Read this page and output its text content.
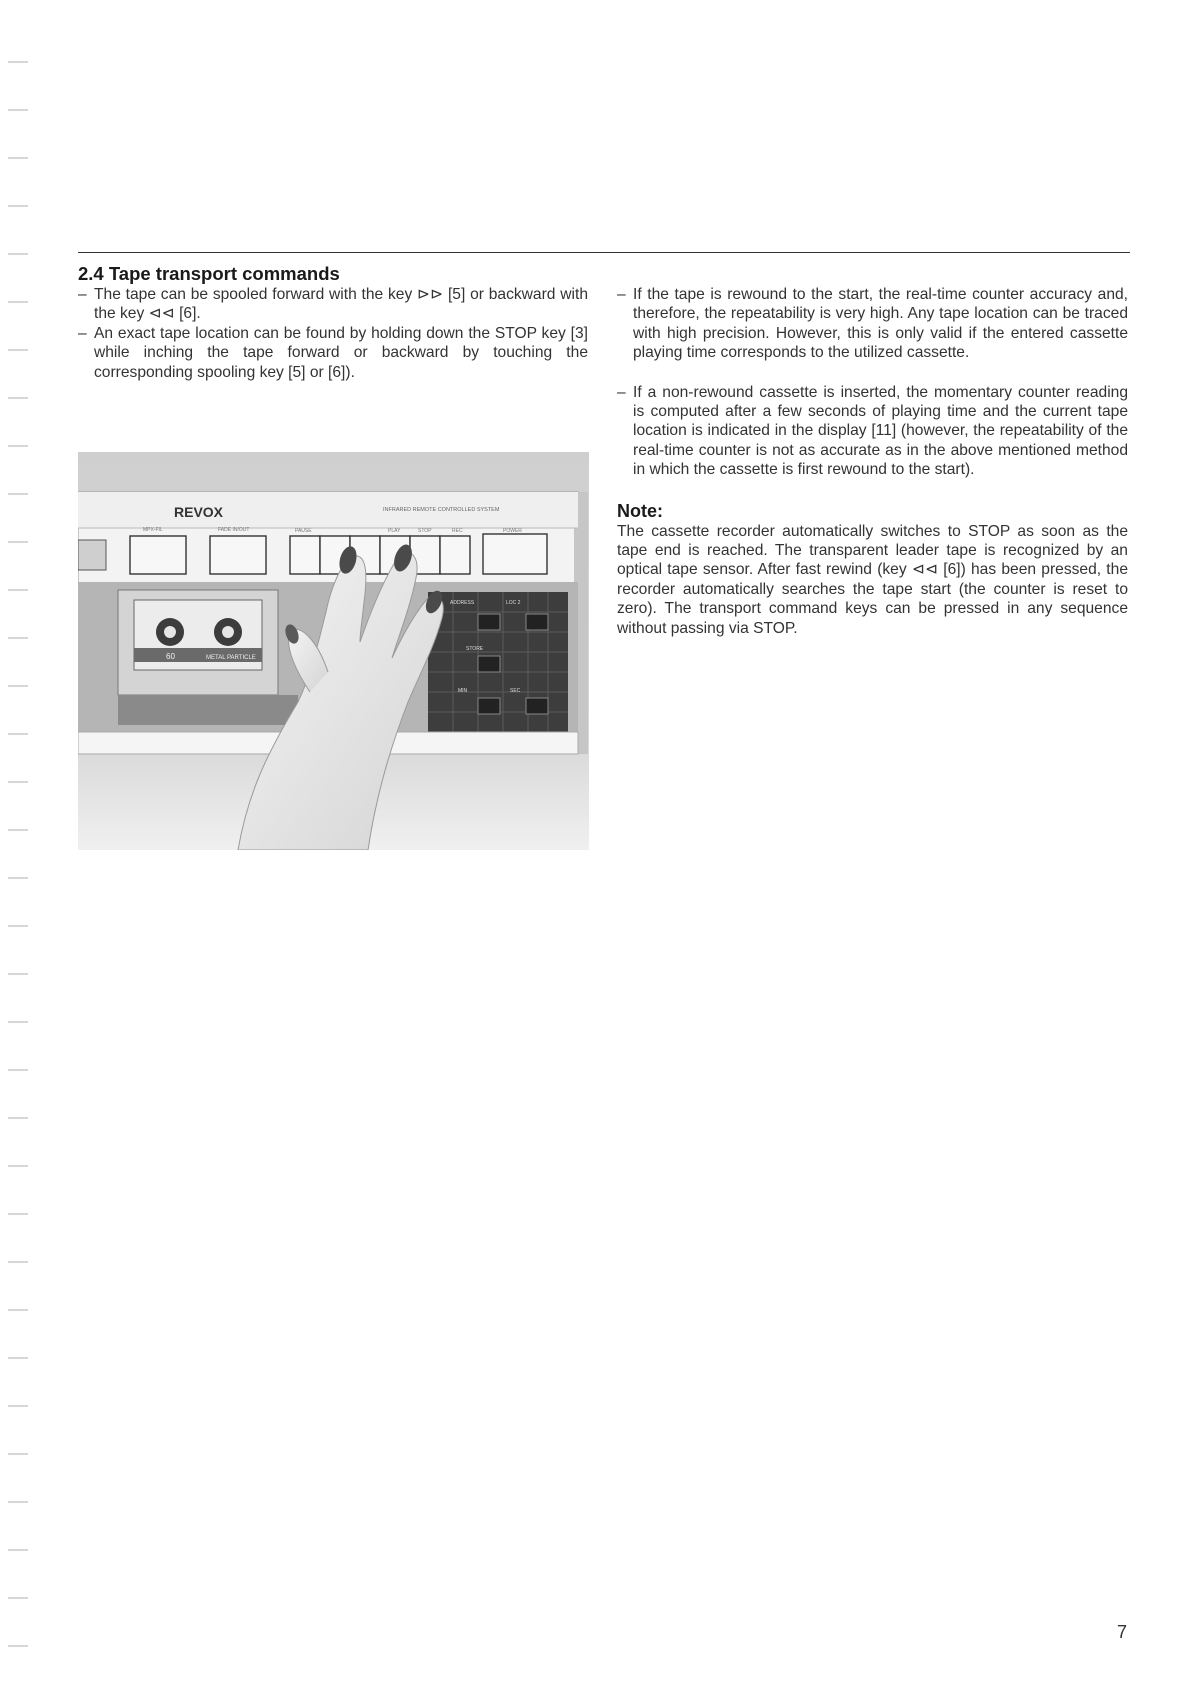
2.4 Tape transport commands

– The tape can be spooled forward with the key ⊳⊳ [5] or backward with the key ⊲⊲ [6].

– An exact tape location can be found by holding down the STOP key [3] while inching the tape forward or backward by touching the corresponding spooling key [5] or [6]).

– If the tape is rewound to the start, the real-time counter accuracy and, therefore, the repeatability is very high. Any tape location can be traced with high precision. However, this is only valid if the entered cassette playing time corresponds to the utilized cassette.

– If a non-rewound cassette is inserted, the momentary counter reading is computed after a few seconds of playing time and the current tape location is indicated in the display [11] (however, the repeatability of the real-time counter is not as accurate as in the above mentioned method in which the cassette is first rewound to the start).

Note:

The cassette recorder automatically switches to STOP as soon as the tape end is reached. The transparent leader tape is recognized by an optical tape sensor. After fast rewind (key ⊲⊲ [6]) has been pressed, the recorder automatically searches the tape start (the counter is reset to zero). The transport command keys can be pressed in any sequence without passing via STOP.

REVOX	INFRARED REMOTE CONTROLLED SYSTEM
MPX-FIL	FADE IN/OUT	PAUSE	PLAY	STOP	REC	POWER
60	METAL PARTICLE
ADDRESS	LOC 2
STORE
MIN	SEC
7
